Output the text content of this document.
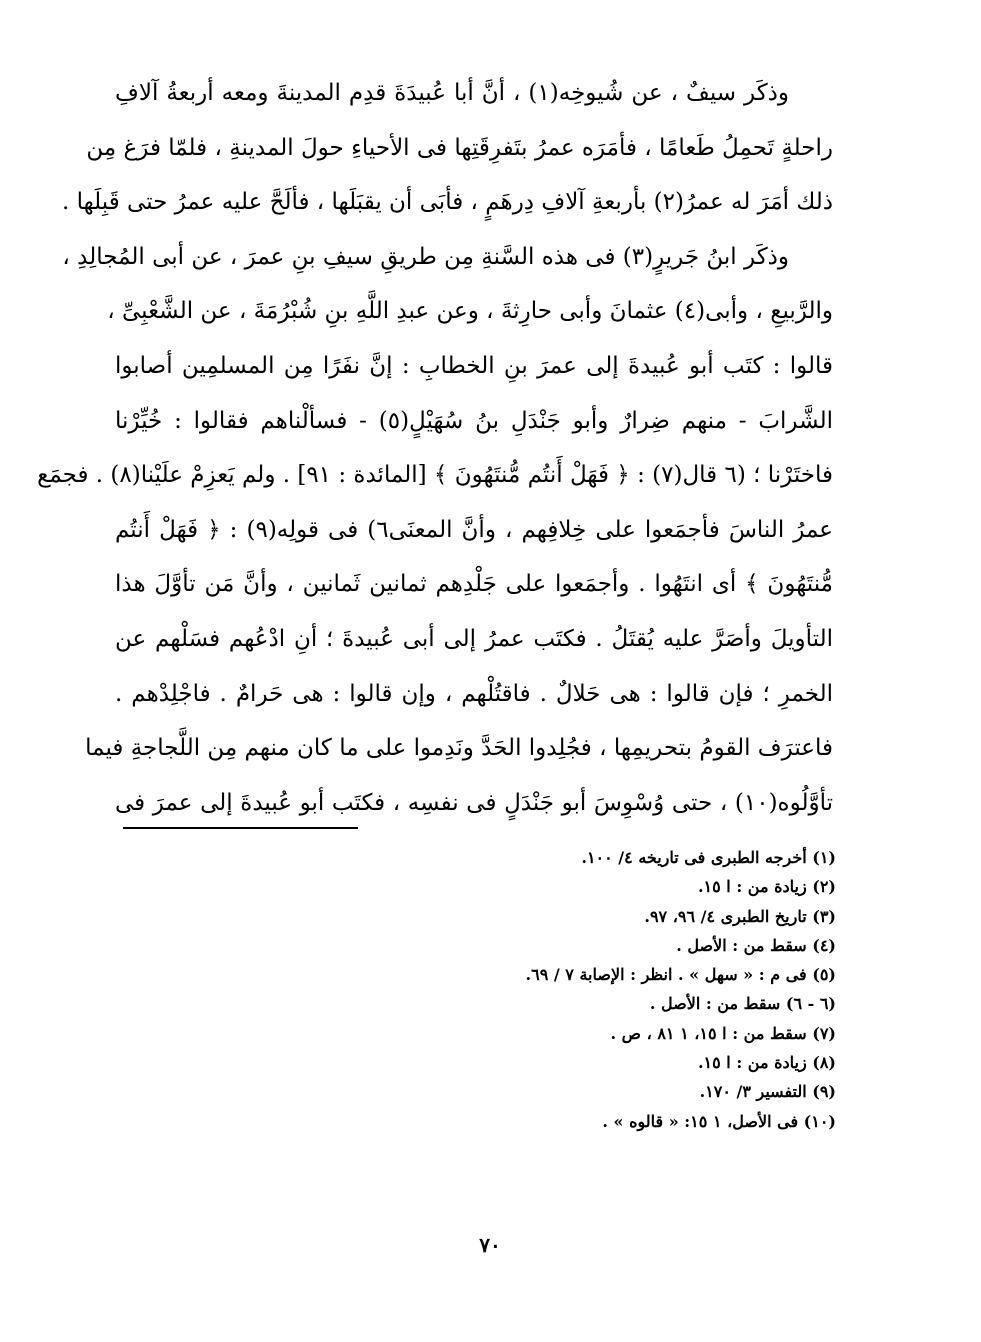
وذكَر سيفٌ ، عن شُيوخِه(١) ، أنَّ أبا عُبيدَةَ قدِم المدينةَ ومعه أربعةُ آلافِ
راحلةٍ تَحمِلُ طَعامًا ، فأمَرَه عمرُ بتَفرِقَتِها فى الأحياءِ حولَ المدينةِ ، فلمّا فرَغ مِن
ذلك أمَرَ له عمرُ(٢) بأربعةِ آلافِ دِرهَمٍ ، فأبَى أن يقبَلَها ، فألَحَّ عليه عمرُ حتى قَبِلَها .
وذكَر ابنُ جَريرٍ(٣) فى هذه السَّنةِ مِن طريقِ سيفِ بنِ عمرَ ، عن أبى المُجالِدِ ،
والرَّبيعِ ، وأبى(٤) عثمانَ وأبى حارِثةَ ، وعن عبدِ اللَّهِ بنِ شُبْرُمَةَ ، عن الشَّعْبِىِّ ،
قالوا : كتَب أبو عُبيدةَ إلى عمرَ بنِ الخطابِ : إنَّ نفَرًا مِن المسلمِين أصابوا
الشَّرابَ - منهم ضِرارٌ وأبو جَنْدَلِ بنُ سُهَيْلٍ(٥) - فسألْناهم فقالوا : خُيِّرْنا
فاختَرْنا ؛ (٦ قال(٧) : ﴿ فَهَلْ أَنتُم مُّنتَهُونَ ﴾ [المائدة : ٩١] . ولم يَعزِمْ علَيْنا(٨) . فجمَع
عمرُ الناسَ فأجمَعوا على خِلافِهم ، وأنَّ المعنَى٦) فى قولِه(٩) : ﴿ فَهَلْ أَنتُم
مُّنتَهُونَ ﴾ أى انتَهُوا . وأجمَعوا على جَلْدِهم ثمانين ثَمانين ، وأنَّ مَن تأوَّلَ هذا
التأويلَ وأصَرَّ عليه يُقتَلُ . فكتَب عمرُ إلى أبى عُبيدةَ ؛ أنِ ادْعُهم فسَلْهم عن
الخمرِ ؛ فإن قالوا : هى حَلالٌ . فاقتُلْهم ، وإن قالوا : هى حَرامٌ . فاجْلِدْهم .
فاعترَف القومُ بتحريمِها ، فجُلِدوا الحَدَّ ونَدِموا على ما كان منهم مِن اللَّجاجةِ فيما
تأوَّلُوه(١٠) ، حتى وُسْوِسَ أبو جَنْدَلٍ فى نفسِه ، فكتَب أبو عُبيدةَ إلى عمرَ فى
(١) أخرجه الطبرى فى تاريخه ٤/ ١٠٠.
(٢) زيادة من : ا ١٥.
(٣) تاريخ الطبرى ٤/ ٩٦، ٩٧.
(٤) سقط من : الأصل .
(٥) فى م : « سهل » . انظر : الإصابة ٧ / ٦٩.
(٦ - ٦) سقط من : الأصل .
(٧) سقط من : ا ١٥، ١ ٨١ ، ص .
(٨) زيادة من : ا ١٥.
(٩) التفسير ٣/ ١٧٠.
(١٠) فى الأصل، ١ ١٥: « قالوه » .
٧٠
